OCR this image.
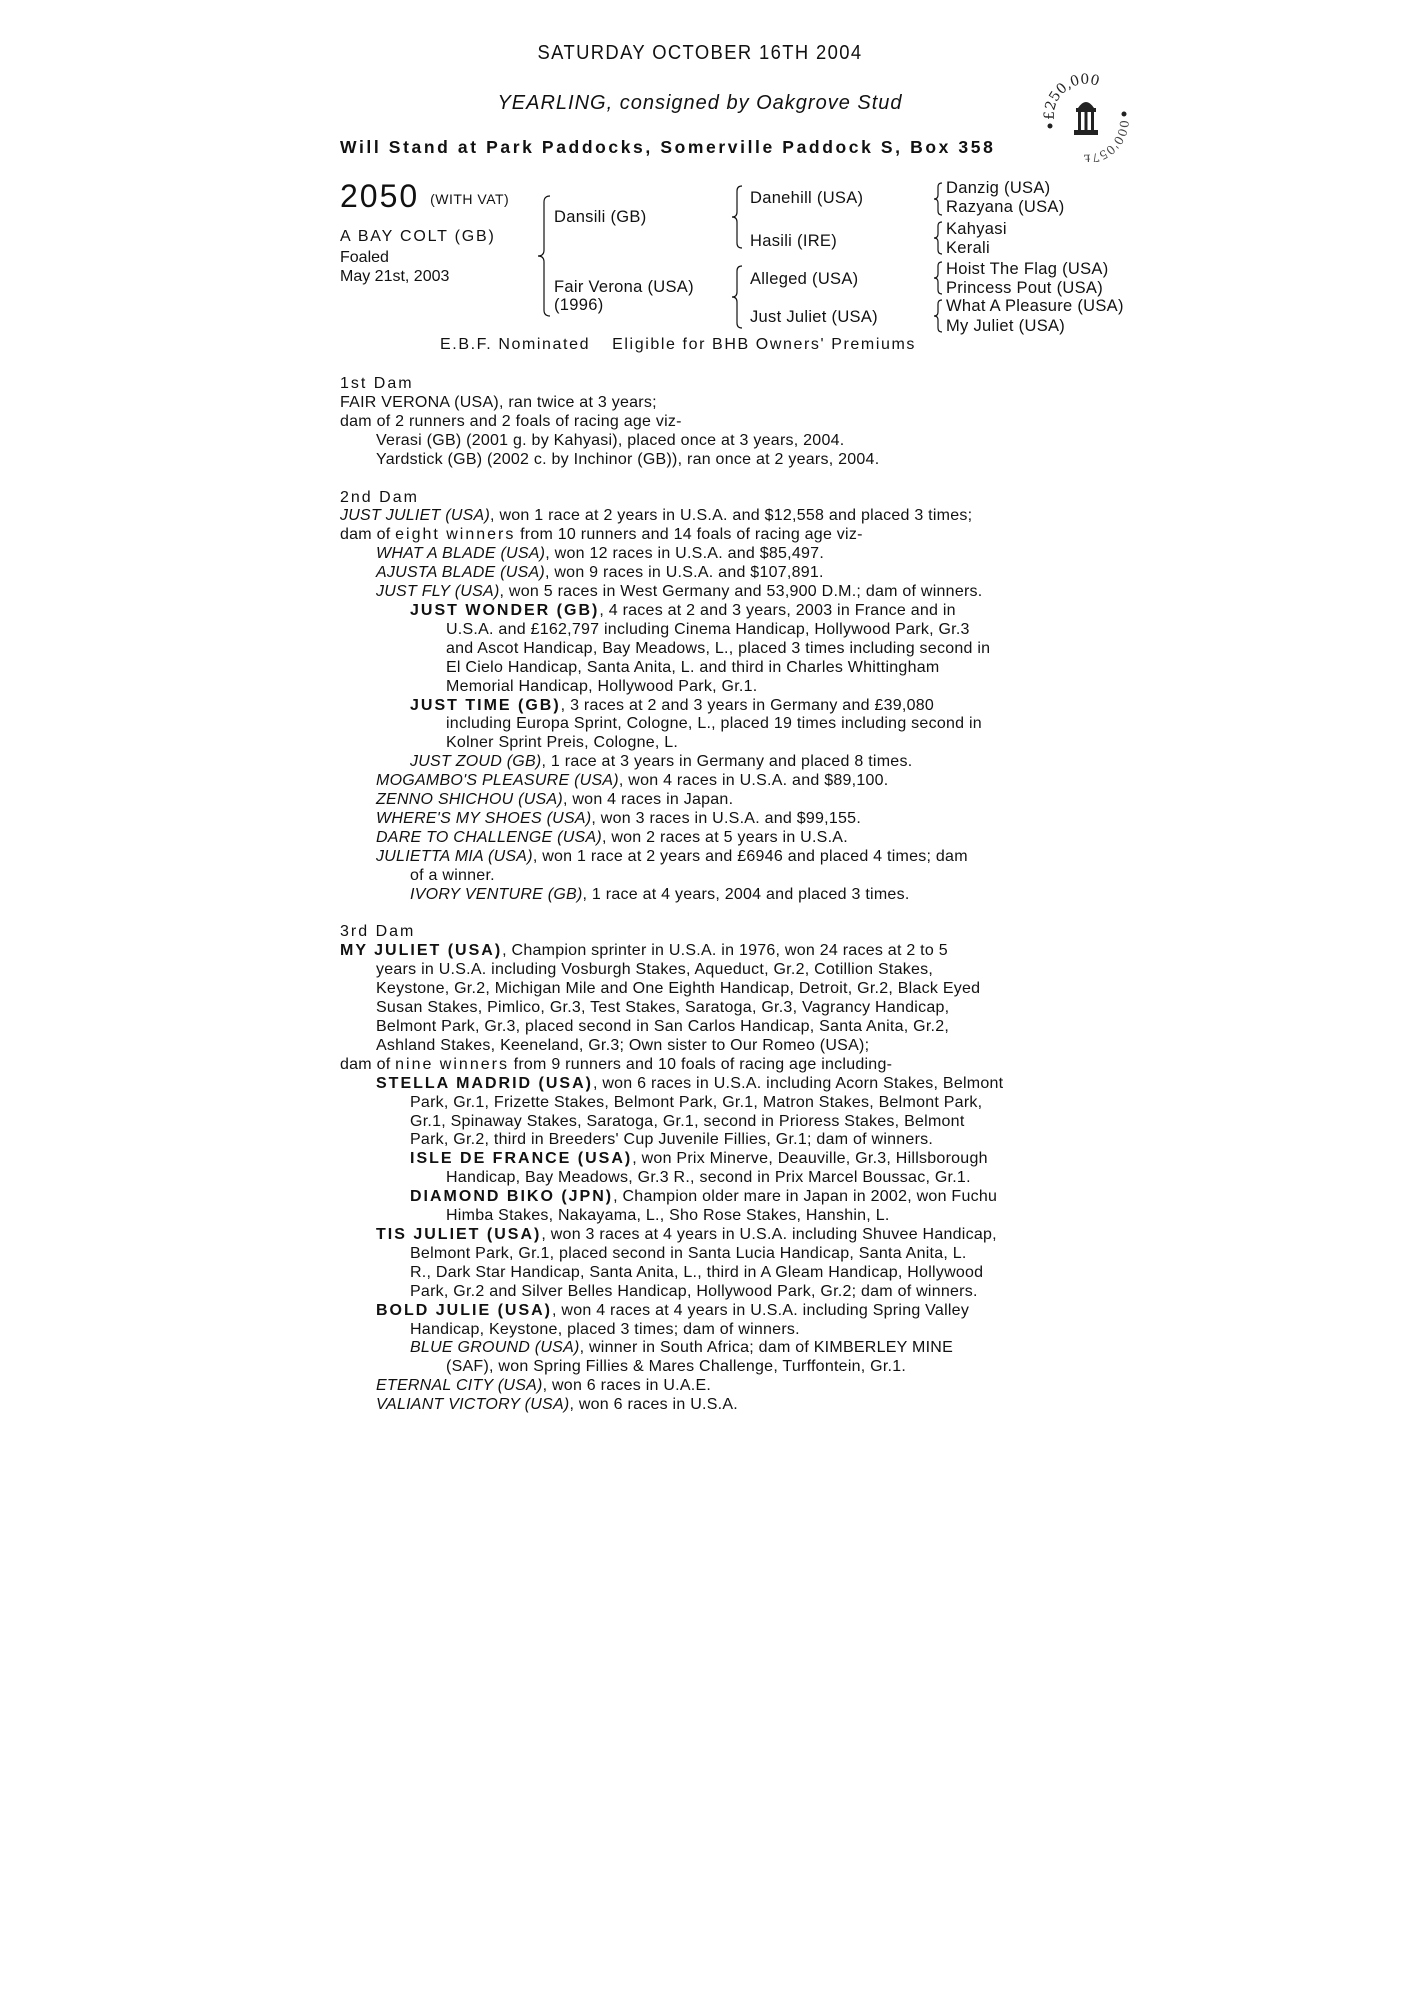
SATURDAY OCTOBER 16TH 2004
YEARLING, consigned by Oakgrove Stud
£250,000
000'057£
Will Stand at Park Paddocks, Somerville Paddock S, Box 358
2050 (WITH VAT)
A BAY COLT (GB)
Foaled
May 21st, 2003
Dansili (GB)
Fair Verona (USA)
(1996)
Danehill (USA)
Hasili (IRE)
Alleged (USA)
Just Juliet (USA)
Danzig (USA)
Razyana (USA)
Kahyasi
Kerali
Hoist The Flag (USA)
Princess Pout (USA)
What A Pleasure (USA)
My Juliet (USA)
E.B.F. Nominated Eligible for BHB Owners' Premiums

1st Dam

FAIR VERONA (USA), ran twice at 3 years;

dam of 2 runners and 2 foals of racing age viz-

Verasi (GB) (2001 g. by Kahyasi), placed once at 3 years, 2004.

Yardstick (GB) (2002 c. by Inchinor (GB)), ran once at 2 years, 2004.

2nd Dam

JUST JULIET (USA), won 1 race at 2 years in U.S.A. and $12,558 and placed 3 times;

dam of eight winners from 10 runners and 14 foals of racing age viz-

WHAT A BLADE (USA), won 12 races in U.S.A. and $85,497.

AJUSTA BLADE (USA), won 9 races in U.S.A. and $107,891.

JUST FLY (USA), won 5 races in West Germany and 53,900 D.M.; dam of winners.

JUST WONDER (GB), 4 races at 2 and 3 years, 2003 in France and in

U.S.A. and £162,797 including Cinema Handicap, Hollywood Park, Gr.3

and Ascot Handicap, Bay Meadows, L., placed 3 times including second in

El Cielo Handicap, Santa Anita, L. and third in Charles Whittingham

Memorial Handicap, Hollywood Park, Gr.1.

JUST TIME (GB), 3 races at 2 and 3 years in Germany and £39,080

including Europa Sprint, Cologne, L., placed 19 times including second in

Kolner Sprint Preis, Cologne, L.

JUST ZOUD (GB), 1 race at 3 years in Germany and placed 8 times.

MOGAMBO'S PLEASURE (USA), won 4 races in U.S.A. and $89,100.

ZENNO SHICHOU (USA), won 4 races in Japan.

WHERE'S MY SHOES (USA), won 3 races in U.S.A. and $99,155.

DARE TO CHALLENGE (USA), won 2 races at 5 years in U.S.A.

JULIETTA MIA (USA), won 1 race at 2 years and £6946 and placed 4 times; dam

of a winner.

IVORY VENTURE (GB), 1 race at 4 years, 2004 and placed 3 times.

3rd Dam

MY JULIET (USA), Champion sprinter in U.S.A. in 1976, won 24 races at 2 to 5

years in U.S.A. including Vosburgh Stakes, Aqueduct, Gr.2, Cotillion Stakes,

Keystone, Gr.2, Michigan Mile and One Eighth Handicap, Detroit, Gr.2, Black Eyed

Susan Stakes, Pimlico, Gr.3, Test Stakes, Saratoga, Gr.3, Vagrancy Handicap,

Belmont Park, Gr.3, placed second in San Carlos Handicap, Santa Anita, Gr.2,

Ashland Stakes, Keeneland, Gr.3; Own sister to Our Romeo (USA);

dam of nine winners from 9 runners and 10 foals of racing age including-

STELLA MADRID (USA), won 6 races in U.S.A. including Acorn Stakes, Belmont

Park, Gr.1, Frizette Stakes, Belmont Park, Gr.1, Matron Stakes, Belmont Park,

Gr.1, Spinaway Stakes, Saratoga, Gr.1, second in Prioress Stakes, Belmont

Park, Gr.2, third in Breeders' Cup Juvenile Fillies, Gr.1; dam of winners.

ISLE DE FRANCE (USA), won Prix Minerve, Deauville, Gr.3, Hillsborough

Handicap, Bay Meadows, Gr.3 R., second in Prix Marcel Boussac, Gr.1.

DIAMOND BIKO (JPN), Champion older mare in Japan in 2002, won Fuchu

Himba Stakes, Nakayama, L., Sho Rose Stakes, Hanshin, L.

TIS JULIET (USA), won 3 races at 4 years in U.S.A. including Shuvee Handicap,

Belmont Park, Gr.1, placed second in Santa Lucia Handicap, Santa Anita, L.

R., Dark Star Handicap, Santa Anita, L., third in A Gleam Handicap, Hollywood

Park, Gr.2 and Silver Belles Handicap, Hollywood Park, Gr.2; dam of winners.

BOLD JULIE (USA), won 4 races at 4 years in U.S.A. including Spring Valley

Handicap, Keystone, placed 3 times; dam of winners.

BLUE GROUND (USA), winner in South Africa; dam of KIMBERLEY MINE

(SAF), won Spring Fillies & Mares Challenge, Turffontein, Gr.1.

ETERNAL CITY (USA), won 6 races in U.A.E.

VALIANT VICTORY (USA), won 6 races in U.S.A.
